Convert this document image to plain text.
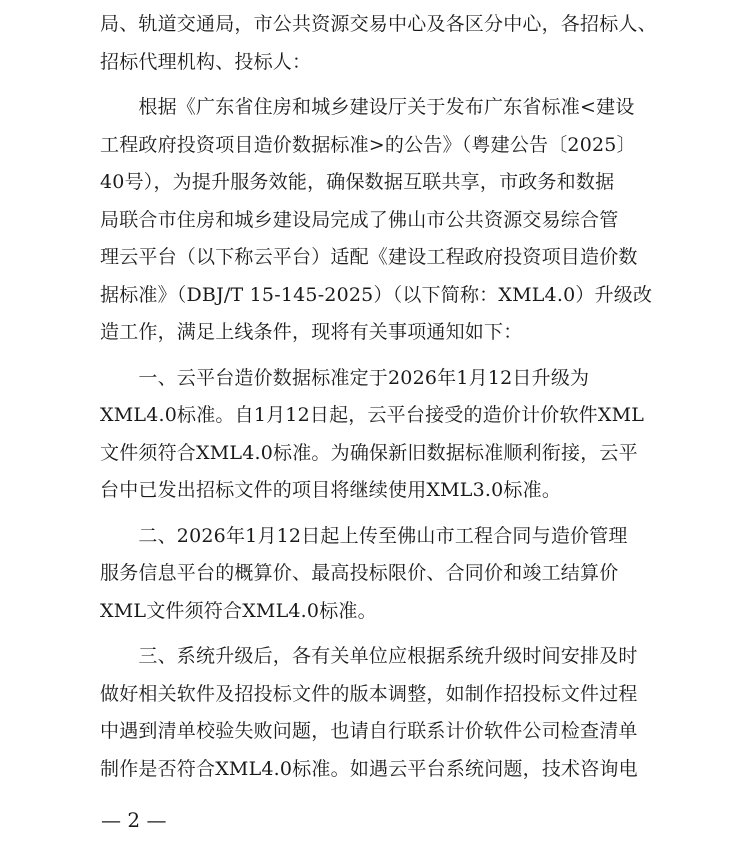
局、轨道交通局，市公共资源交易中心及各区分中心，各招标人、
招标代理机构、投标人：
　　根据《广东省住房和城乡建设厅关于发布广东省标准<建设
工程政府投资项目造价数据标准>的公告》（粤建公告〔2025〕
40号），为提升服务效能，确保数据互联共享，市政务和数据
局联合市住房和城乡建设局完成了佛山市公共资源交易综合管
理云平台（以下称云平台）适配《建设工程政府投资项目造价数
据标准》（DBJ/T 15-145-2025）（以下简称：XML4.0）升级改
造工作，满足上线条件，现将有关事项通知如下：
　　一、云平台造价数据标准定于2026年1月12日升级为
XML4.0标准。自1月12日起，云平台接受的造价计价软件XML
文件须符合XML4.0标准。为确保新旧数据标准顺利衔接，云平
台中已发出招标文件的项目将继续使用XML3.0标准。
　　二、2026年1月12日起上传至佛山市工程合同与造价管理
服务信息平台的概算价、最高投标限价、合同价和竣工结算价
XML文件须符合XML4.0标准。
　　三、系统升级后，各有关单位应根据系统升级时间安排及时
做好相关软件及招投标文件的版本调整，如制作招投标文件过程
中遇到清单校验失败问题，也请自行联系计价软件公司检查清单
制作是否符合XML4.0标准。如遇云平台系统问题，技术咨询电
— 2 —
